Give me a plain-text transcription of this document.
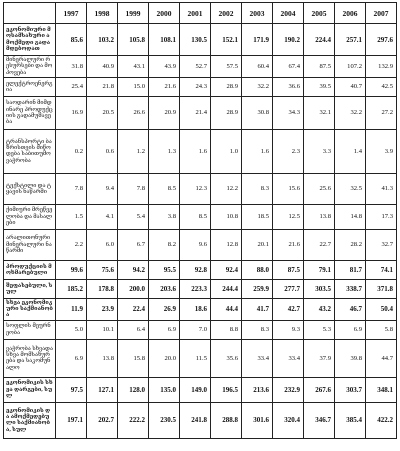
	1997	1998	1999	2000	2001	2002	2003	2004	2005	2006	2007
ეკონომიური მოსამსახური ამოქმედი გადამდებოდათ	85.6	103.2	105.8	108.1	130.5	152.1	171.9	190.2	224.4	257.1	297.6
მინერალური რესურსები და მოპოვება	31.8	40.9	43.1	43.9	52.7	57.5	60.4	67.4	87.5	107.2	132.9
ელექტროენერგია	25.4	21.8	15.0	21.6	24.3	28.9	32.2	36.6	39.5	40.7	42.5
საოდარინ მიმდინარე პროდუქციის გადამუშავება	16.9	20.5	26.6	20.9	21.4	28.9	30.8	34.3	32.1	32.2	27.2
ტრანსპორტი ბაზრისთვის მიწოდება საბითუმო ვაჭრობა	0.2	0.6	1.2	1.3	1.6	1.0	1.6	2.3	3.3	1.4	3.9
ტექსტილი და ტყავის ნაწარმი	7.8	9.4	7.8	8.5	12.3	12.2	8.3	15.6	25.6	32.5	41.3
ქიმიური მრეწველობა და მასალები	1.5	4.1	5.4	3.8	8.5	10.8	18.5	12.5	13.8	14.8	17.3
არალითონური მინერალური ნაწარმი	2.2	6.0	6.7	8.2	9.6	12.8	20.1	21.6	22.7	28.2	32.7
პროდუქციის მოხმარებული	99.6	75.6	94.2	95.5	92.8	92.4	88.0	87.5	79.1	81.7	74.1
შეფასებული, სულ	185.2	178.8	200.0	203.6	223.3	244.4	259.9	277.7	303.5	338.7	371.8
სხვა ეკონომიკური საქმიანობა	11.9	23.9	22.4	26.9	18.6	44.4	41.7	42.7	43.2	46.7	50.4
სოფლის მეურნეობა	5.0	10.1	6.4	6.9	7.0	8.8	8.3	9.3	5.3	6.9	5.8
ვაჭრობა სხვადასხვა მომსახურება და საკომუნალო	6.9	13.8	15.8	20.0	11.5	35.6	33.4	33.4	37.9	39.8	44.7
ეკონომიკის სხვა დარგები, სულ	97.5	127.1	128.0	135.0	149.0	196.5	213.6	232.9	267.6	303.7	348.1
ეკონომიკის და ამოქმედებული საქმიანობა, სულ	197.1	202.7	222.2	230.5	241.8	288.8	301.6	320.4	346.7	385.4	422.2
